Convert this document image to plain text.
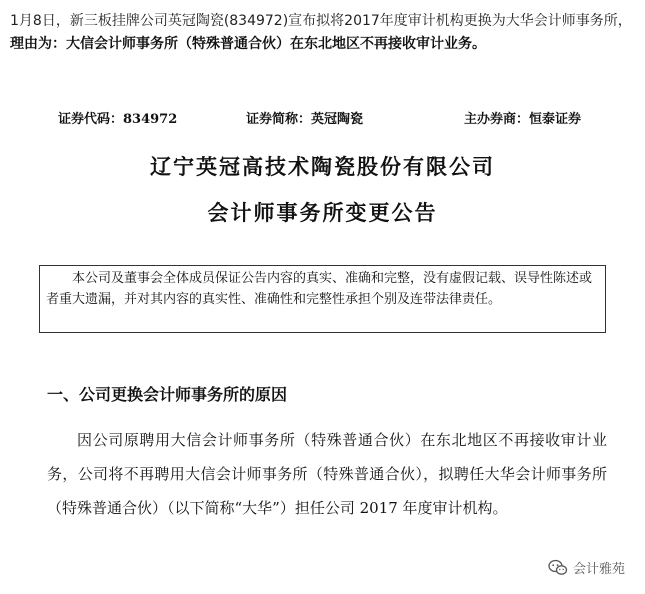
1月8日，新三板挂牌公司英冠陶瓷(834972)宣布拟将2017年度审计机构更换为大华会计师事务所，理由为：大信会计师事务所（特殊普通合伙）在东北地区不再接收审计业务。
证券代码：834972	证券简称：英冠陶瓷	主办券商：恒泰证券
辽宁英冠高技术陶瓷股份有限公司
会计师事务所变更公告
本公司及董事会全体成员保证公告内容的真实、准确和完整，没有虚假记载、误导性陈述或者重大遗漏，并对其内容的真实性、准确性和完整性承担个别及连带法律责任。
一、公司更换会计师事务所的原因
因公司原聘用大信会计师事务所（特殊普通合伙）在东北地区不再接收审计业务，公司将不再聘用大信会计师事务所（特殊普通合伙），拟聘任大华会计师事务所（特殊普通合伙）（以下简称“大华”）担任公司 2017 年度审计机构。
会计雅苑
